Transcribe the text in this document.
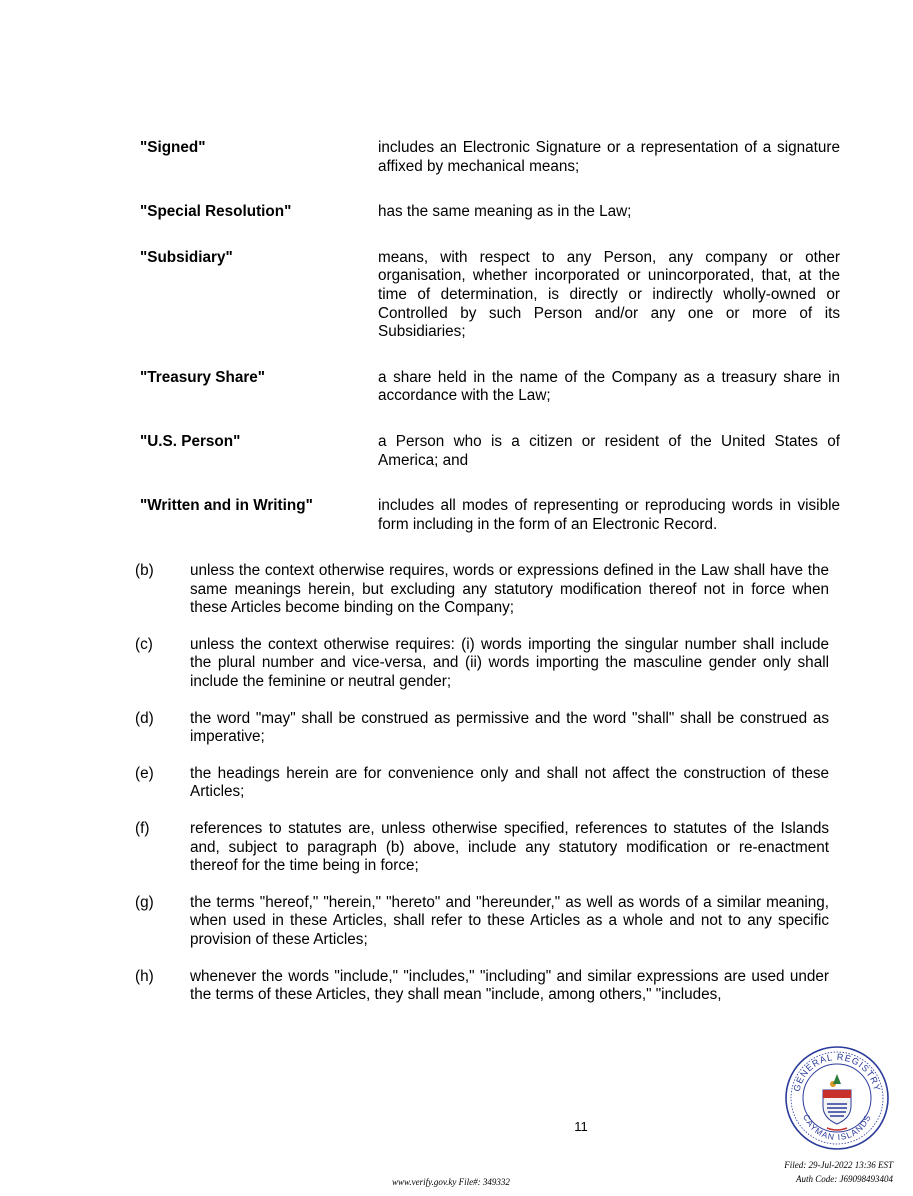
"Signed"	includes an Electronic Signature or a representation of a signature affixed by mechanical means;
"Special Resolution"	has the same meaning as in the Law;
"Subsidiary"	means, with respect to any Person, any company or other organisation, whether incorporated or unincorporated, that, at the time of determination, is directly or indirectly wholly-owned or Controlled by such Person and/or any one or more of its Subsidiaries;
"Treasury Share"	a share held in the name of the Company as a treasury share in accordance with the Law;
"U.S. Person"	a Person who is a citizen or resident of the United States of America; and
"Written and in Writing"	includes all modes of representing or reproducing words in visible form including in the form of an Electronic Record.
(b)	unless the context otherwise requires, words or expressions defined in the Law shall have the same meanings herein, but excluding any statutory modification thereof not in force when these Articles become binding on the Company;
(c)	unless the context otherwise requires: (i) words importing the singular number shall include the plural number and vice-versa, and (ii) words importing the masculine gender only shall include the feminine or neutral gender;
(d)	the word "may" shall be construed as permissive and the word "shall" shall be construed as imperative;
(e)	the headings herein are for convenience only and shall not affect the construction of these Articles;
(f)	references to statutes are, unless otherwise specified, references to statutes of the Islands and, subject to paragraph (b) above, include any statutory modification or re-enactment thereof for the time being in force;
(g)	the terms "hereof," "herein," "hereto" and "hereunder," as well as words of a similar meaning, when used in these Articles, shall refer to these Articles as a whole and not to any specific provision of these Articles;
(h)	whenever the words "include," "includes," "including" and similar expressions are used under the terms of these Articles, they shall mean "include, among others," "includes,
11
GENERAL REGISTRY
CAYMAN ISLANDS
www.verify.gov.ky File#: 349332
Filed: 29-Jul-2022 13:36 EST
Auth Code: J69098493404
